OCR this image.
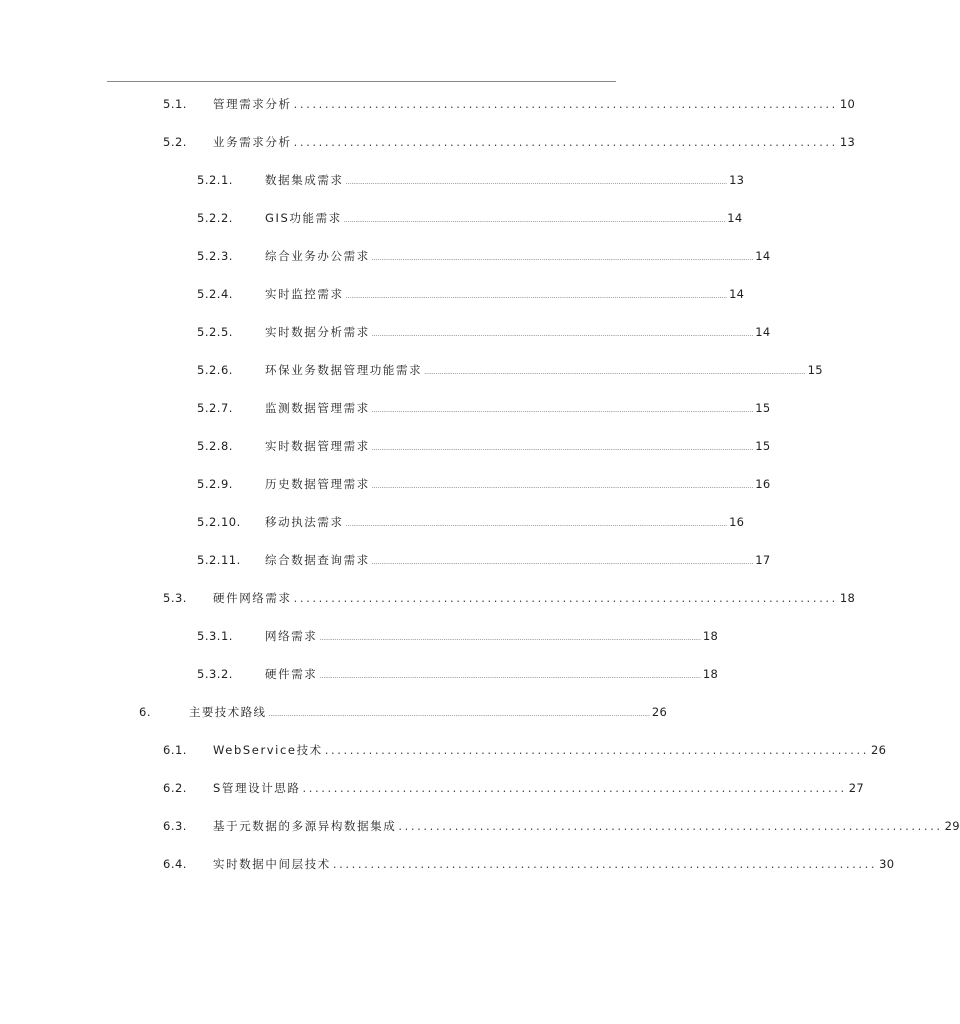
5.1.	管理需求分析 ....................................................................................... 10
5.2.	业务需求分析 ....................................................................................... 13
5.2.1.	数据集成需求 ........................................................................................................................................................................................................ 13
5.2.2.	GIS功能需求 ........................................................................................................................................................................................................ 14
5.2.3.	综合业务办公需求 ........................................................................................................................................................................................................ 14
5.2.4.	实时监控需求 ........................................................................................................................................................................................................ 14
5.2.5.	实时数据分析需求 ........................................................................................................................................................................................................ 14
5.2.6.	环保业务数据管理功能需求 ........................................................................................................................................................................................................ 15
5.2.7.	监测数据管理需求 ........................................................................................................................................................................................................ 15
5.2.8.	实时数据管理需求 ........................................................................................................................................................................................................ 15
5.2.9.	历史数据管理需求 ........................................................................................................................................................................................................ 16
5.2.10.	移动执法需求 ........................................................................................................................................................................................................ 16
5.2.11.	综合数据查询需求 ........................................................................................................................................................................................................ 17
5.3.	硬件网络需求 ....................................................................................... 18
5.3.1.	网络需求 ........................................................................................................................................................................................................ 18
5.3.2.	硬件需求 ........................................................................................................................................................................................................ 18
6.	主要技术路线 ........................................................................................................................................................................................................ 26
6.1.	WebService技术 ....................................................................................... 26
6.2.	S管理设计思路 ....................................................................................... 27
6.3.	基于元数据的多源异构数据集成 ....................................................................................... 29
6.4.	实时数据中间层技术 ....................................................................................... 30
